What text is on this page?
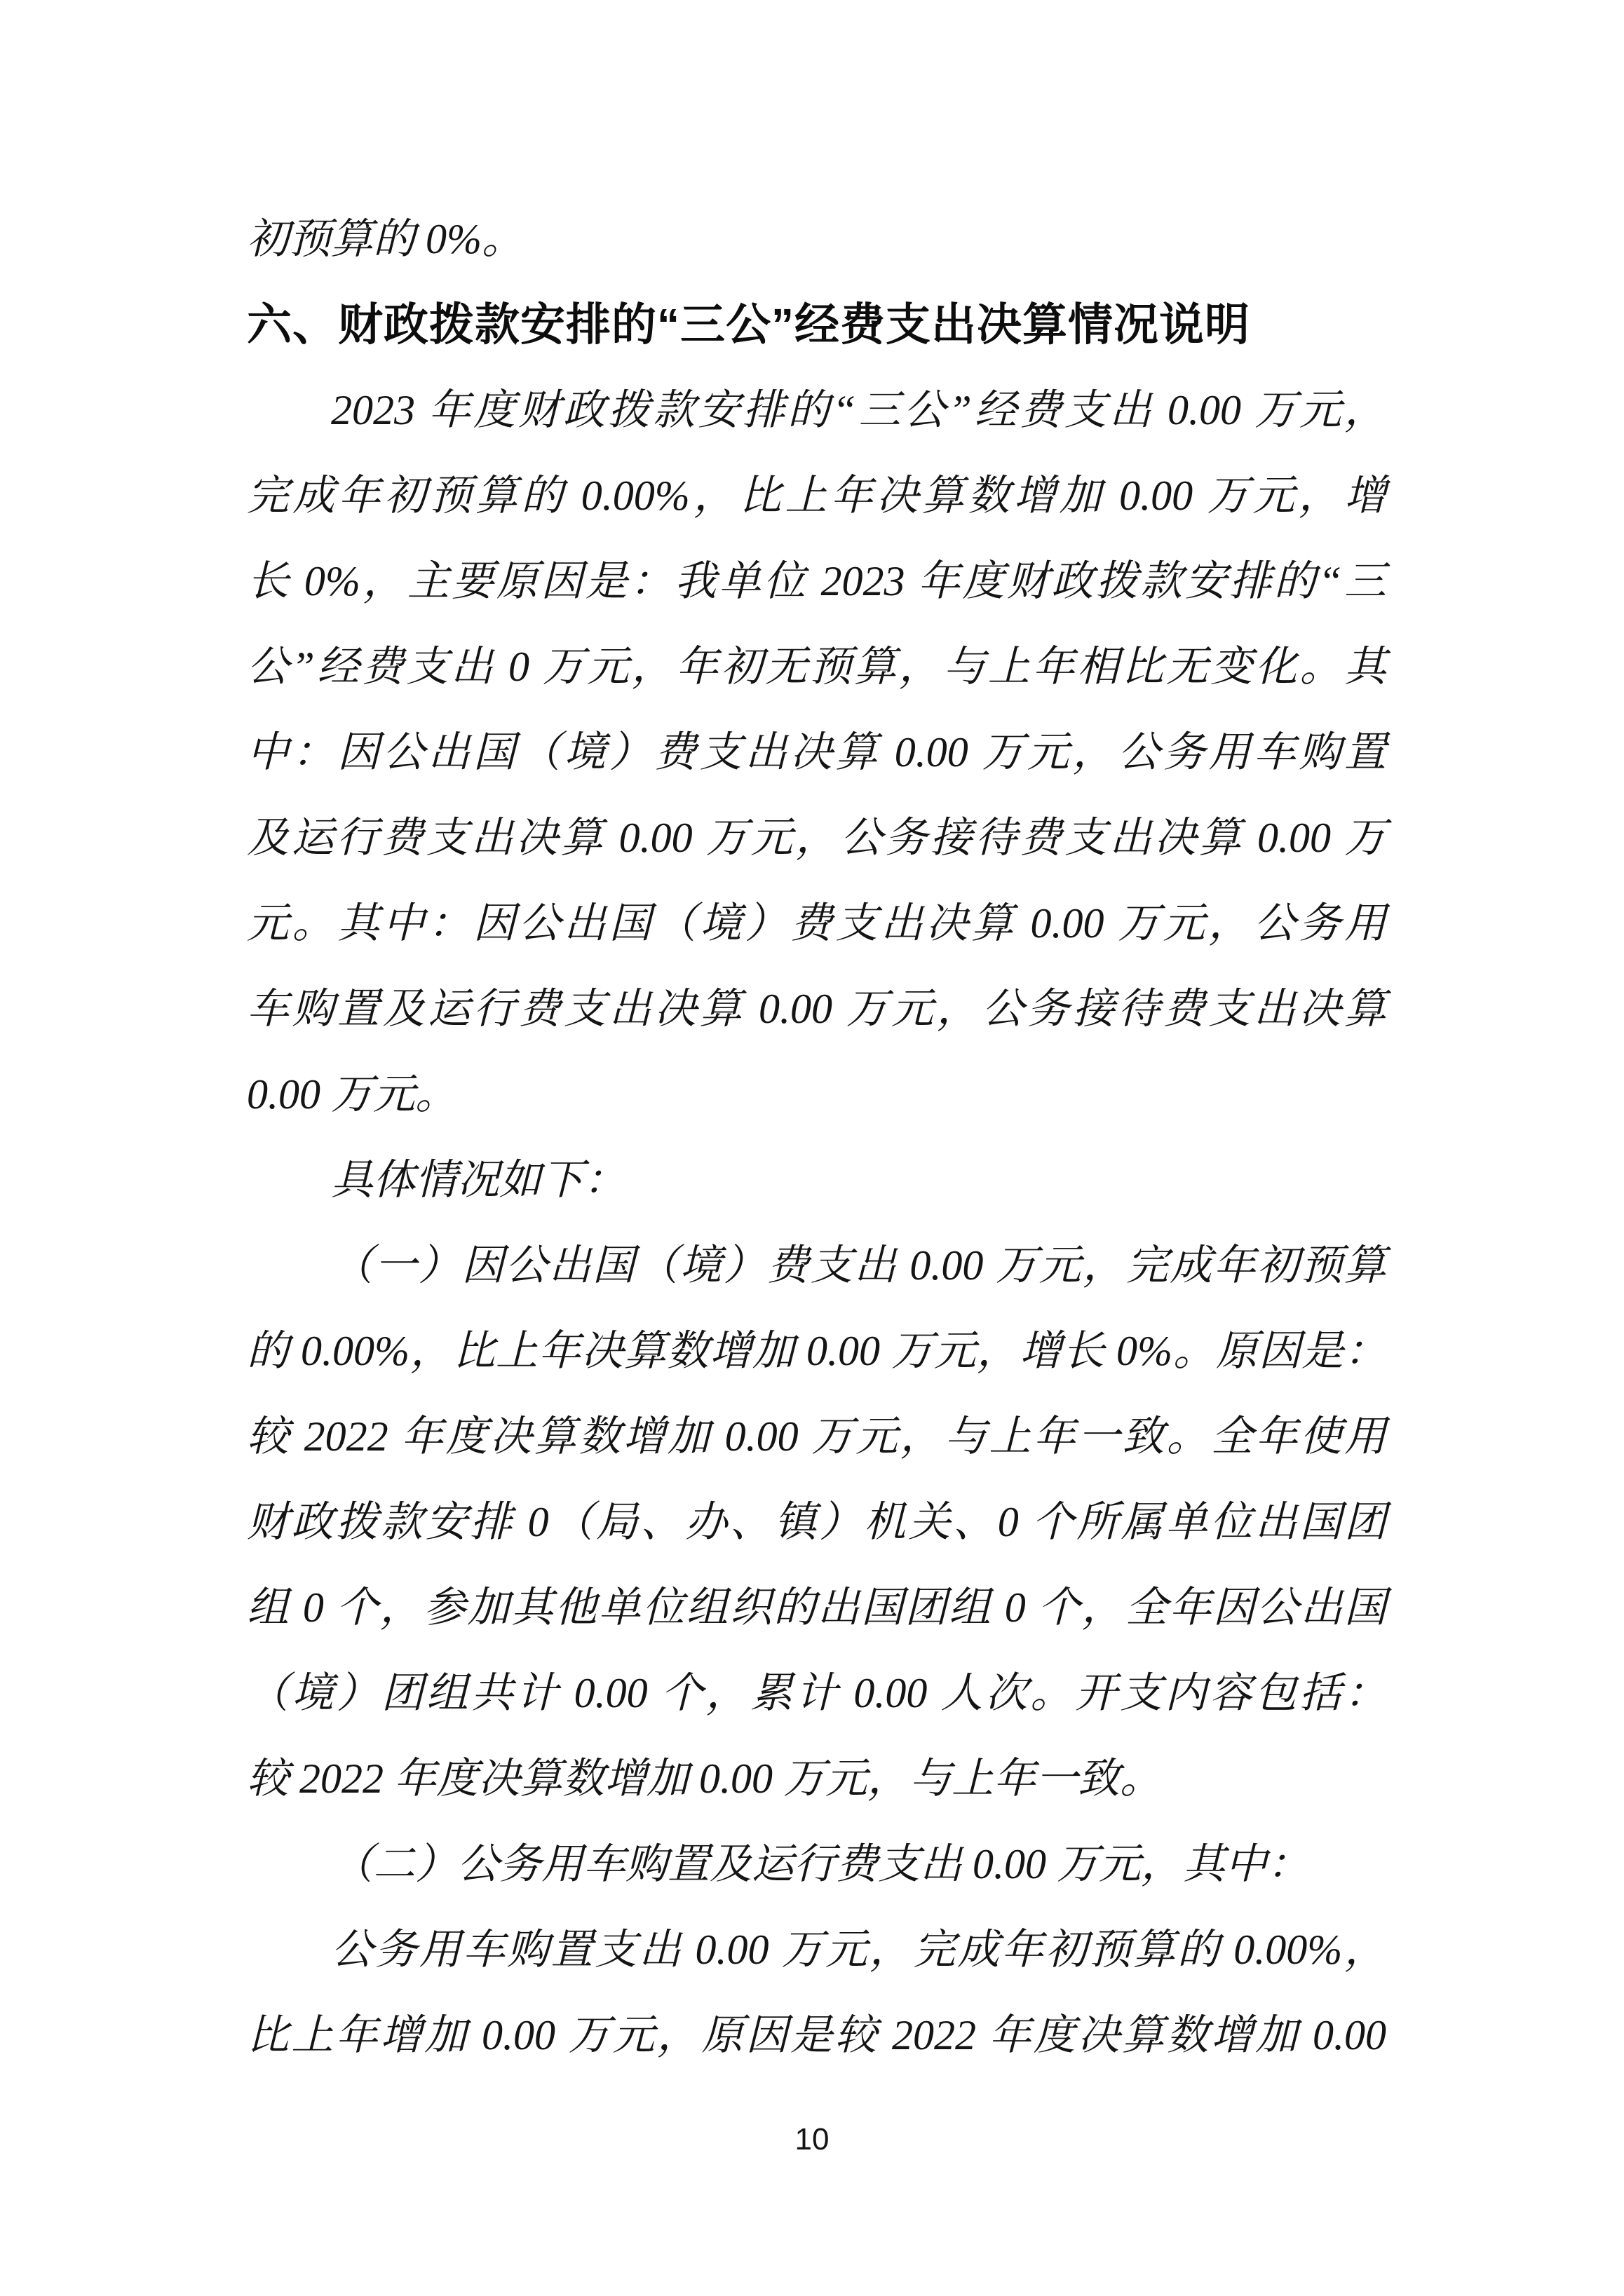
初预算的 0%。
六、财政拨款安排的“三公”经费支出决算情况说明
2023 年度财政拨款安排的“三公”经费支出 0.00 万元，
完成年初预算的 0.00%，比上年决算数增加 0.00 万元，增
长 0%，主要原因是：我单位 2023 年度财政拨款安排的“三
公”经费支出 0 万元，年初无预算，与上年相比无变化。其
中：因公出国（境）费支出决算 0.00 万元，公务用车购置
及运行费支出决算 0.00 万元，公务接待费支出决算 0.00 万
元。其中：因公出国（境）费支出决算 0.00 万元，公务用
车购置及运行费支出决算 0.00 万元，公务接待费支出决算
0.00 万元。
具体情况如下：
（一）因公出国（境）费支出 0.00 万元，完成年初预算
的 0.00%，比上年决算数增加 0.00 万元，增长 0%。原因是：
较 2022 年度决算数增加 0.00 万元，与上年一致。全年使用
财政拨款安排 0（局、办、镇）机关、0 个所属单位出国团
组 0 个，参加其他单位组织的出国团组 0 个，全年因公出国
（境）团组共计 0.00 个，累计 0.00 人次。开支内容包括：
较 2022 年度决算数增加 0.00 万元，与上年一致。
（二）公务用车购置及运行费支出 0.00 万元，其中：
公务用车购置支出 0.00 万元，完成年初预算的 0.00%，
比上年增加 0.00 万元，原因是较 2022 年度决算数增加 0.00
10
